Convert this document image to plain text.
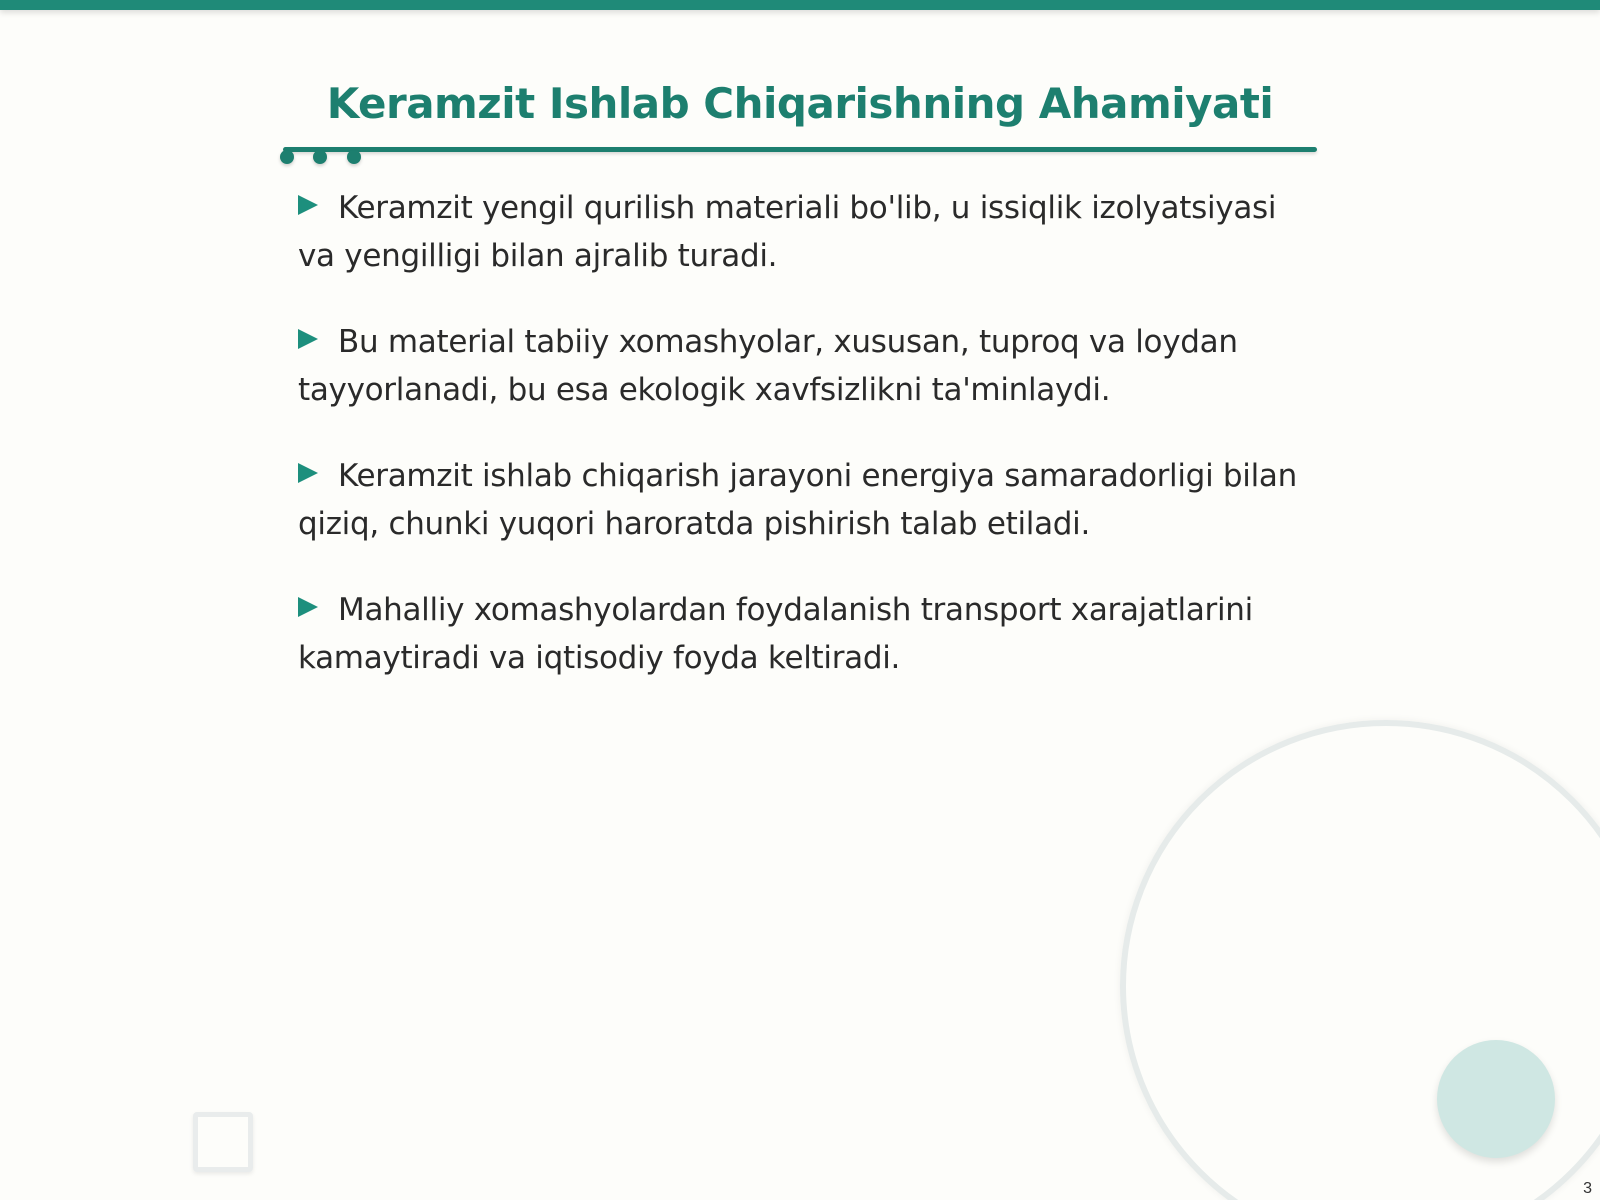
Keramzit Ishlab Chiqarishning Ahamiyati
Keramzit yengil qurilish materiali bo'lib, u issiqlik izolyatsiyasi va yengilligi bilan ajralib turadi.
Bu material tabiiy xomashyolar, xususan, tuproq va loydan tayyorlanadi, bu esa ekologik xavfsizlikni ta'minlaydi.
Keramzit ishlab chiqarish jarayoni energiya samaradorligi bilan qiziq, chunki yuqori haroratda pishirish talab etiladi.
Mahalliy xomashyolardan foydalanish transport xarajatlarini kamaytiradi va iqtisodiy foyda keltiradi.
3
